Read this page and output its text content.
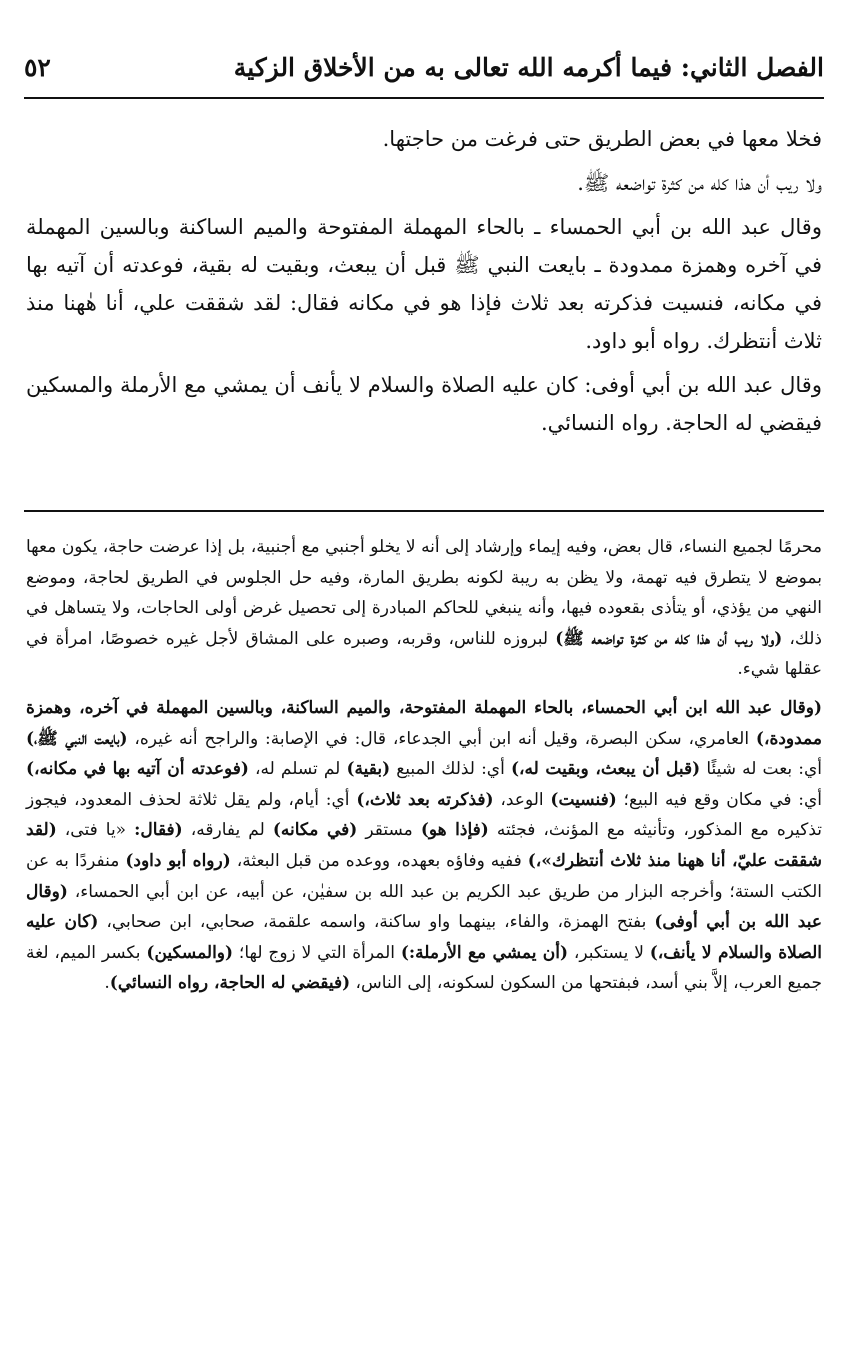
الفصل الثاني: فيما أكرمه الله تعالى به من الأخلاق الزكية
٥٢

فخلا معها في بعض الطريق حتى فرغت من حاجتها.

ولا ريب أن هذا كله من كثرة تواضعه ﷺ.

وقال عبد الله بن أبي الحمساء ـ بالحاء المهملة المفتوحة والميم الساكنة وبالسين المهملة في آخره وهمزة ممدودة ـ بايعت النبي ﷺ قبل أن يبعث، وبقيت له بقية، فوعدته أن آتيه بها في مكانه، فنسيت فذكرته بعد ثلاث فإذا هو في مكانه فقال: لقد شققت علي، أنا هٰهنا منذ ثلاث أنتظرك. رواه أبو داود.

وقال عبد الله بن أبي أوفى: كان عليه الصلاة والسلام لا يأنف أن يمشي مع الأرملة والمسكين فيقضي له الحاجة. رواه النسائي.

محرمًا لجميع النساء، قال بعض، وفيه إيماء وإرشاد إلى أنه لا يخلو أجنبي مع أجنبية، بل إذا عرضت حاجة، يكون معها بموضع لا يتطرق فيه تهمة، ولا يظن به ريبة لكونه بطريق المارة، وفيه حل الجلوس في الطريق لحاجة، وموضع النهي من يؤذي، أو يتأذى بقعوده فيها، وأنه ينبغي للحاكم المبادرة إلى تحصيل غرض أولى الحاجات، ولا يتساهل في ذلك، (ولا ريب أن هذا كله من كثرة تواضعه ﷺ) لبروزه للناس، وقربه، وصبره على المشاق لأجل غيره خصوصًا، امرأة في عقلها شيء.

(وقال عبد الله ابن أبي الحمساء، بالحاء المهملة المفتوحة، والميم الساكنة، وبالسين المهملة في آخره، وهمزة ممدودة،) العامري، سكن البصرة، وقيل أنه ابن أبي الجدعاء، قال: في الإصابة: والراجح أنه غيره، (بايعت النبي ﷺ،) أي: بعت له شيئًا (قبل أن يبعث، وبقيت له،) أي: لذلك المبيع (بقية) لم تسلم له، (فوعدته أن آتيه بها في مكانه،) أي: في مكان وقع فيه البيع؛ (فنسيت) الوعد، (فذكرته بعد ثلاث،) أي: أيام، ولم يقل ثلاثة لحذف المعدود، فيجوز تذكيره مع المذكور، وتأنيثه مع المؤنث، فجئته (فإذا هو) مستقر (في مكانه) لم يفارقه، (فقال: «يا فتى، (لقد شققت عليّ، أنا ههنا منذ ثلاث أنتظرك»،) ففيه وفاؤه بعهده، ووعده من قبل البعثة، (رواه أبو داود) منفردًا به عن الكتب الستة؛ وأخرجه البزار من طريق عبد الكريم بن عبد الله بن سفيٰن، عن أبيه، عن ابن أبي الحمساء، (وقال عبد الله بن أبي أوفى) بفتح الهمزة، والفاء، بينهما واو ساكنة، واسمه علقمة، صحابي، ابن صحابي، (كان عليه الصلاة والسلام لا يأنف،) لا يستكبر، (أن يمشي مع الأرملة:) المرأة التي لا زوج لها؛ (والمسكين) بكسر الميم، لغة جميع العرب، إلاَّ بني أسد، فبفتحها من السكون لسكونه، إلى الناس، (فيقضي له الحاجة، رواه النسائي).
